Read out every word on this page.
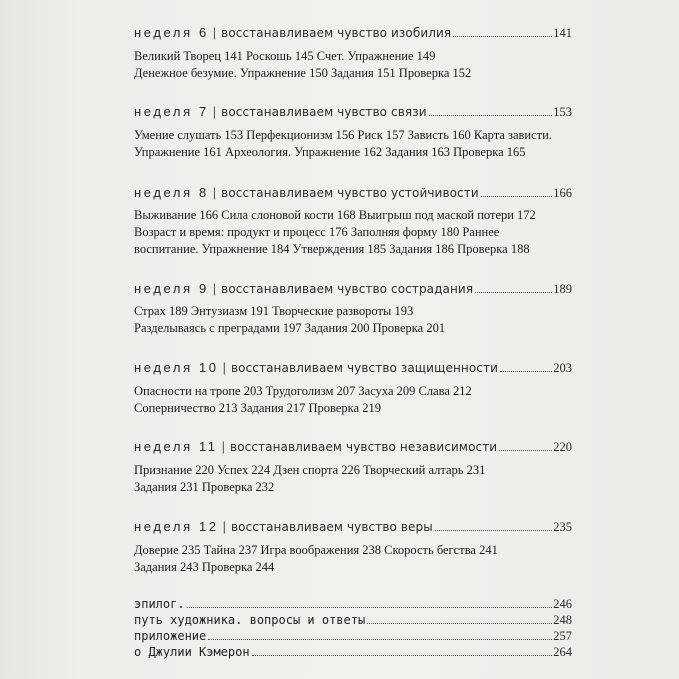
неделя 6 | восстанавливаем чувство изобилия	141
Великий Творец 141 Роскошь 145 Счет. Упражнение 149
Денежное безумие. Упражнение 150 Задания 151 Проверка 152
неделя 7 | восстанавливаем чувство связи	153
Умение слушать 153 Перфекционизм 156 Риск 157 Зависть 160 Карта зависти.
Упражнение 161 Археология. Упражнение 162 Задания 163 Проверка 165
неделя 8 | восстанавливаем чувство устойчивости	166
Выживание 166 Сила слоновой кости 168 Выигрыш под маской потери 172
Возраст и время: продукт и процесс 176 Заполняя форму 180 Раннее
воспитание. Упражнение 184 Утверждения 185 Задания 186 Проверка 188
неделя 9 | восстанавливаем чувство сострадания	189
Страх 189 Энтузиазм 191 Творческие развороты 193
Разделываясь с преградами 197 Задания 200 Проверка 201
неделя 10 | восстанавливаем чувство защищенности	203
Опасности на тропе 203 Трудоголизм 207 Засуха 209 Слава 212
Соперничество 213 Задания 217 Проверка 219
неделя 11 | восстанавливаем чувство независимости	220
Признание 220 Успех 224 Дзен спорта 226 Творческий алтарь 231
Задания 231 Проверка 232
неделя 12 | восстанавливаем чувство веры	235
Доверие 235 Тайна 237 Игра воображения 238 Скорость бегства 241
Задания 243 Проверка 244
эпилог.	246
путь художника. вопросы и ответы	248
приложение	257
о Джулии Кэмерон	264
